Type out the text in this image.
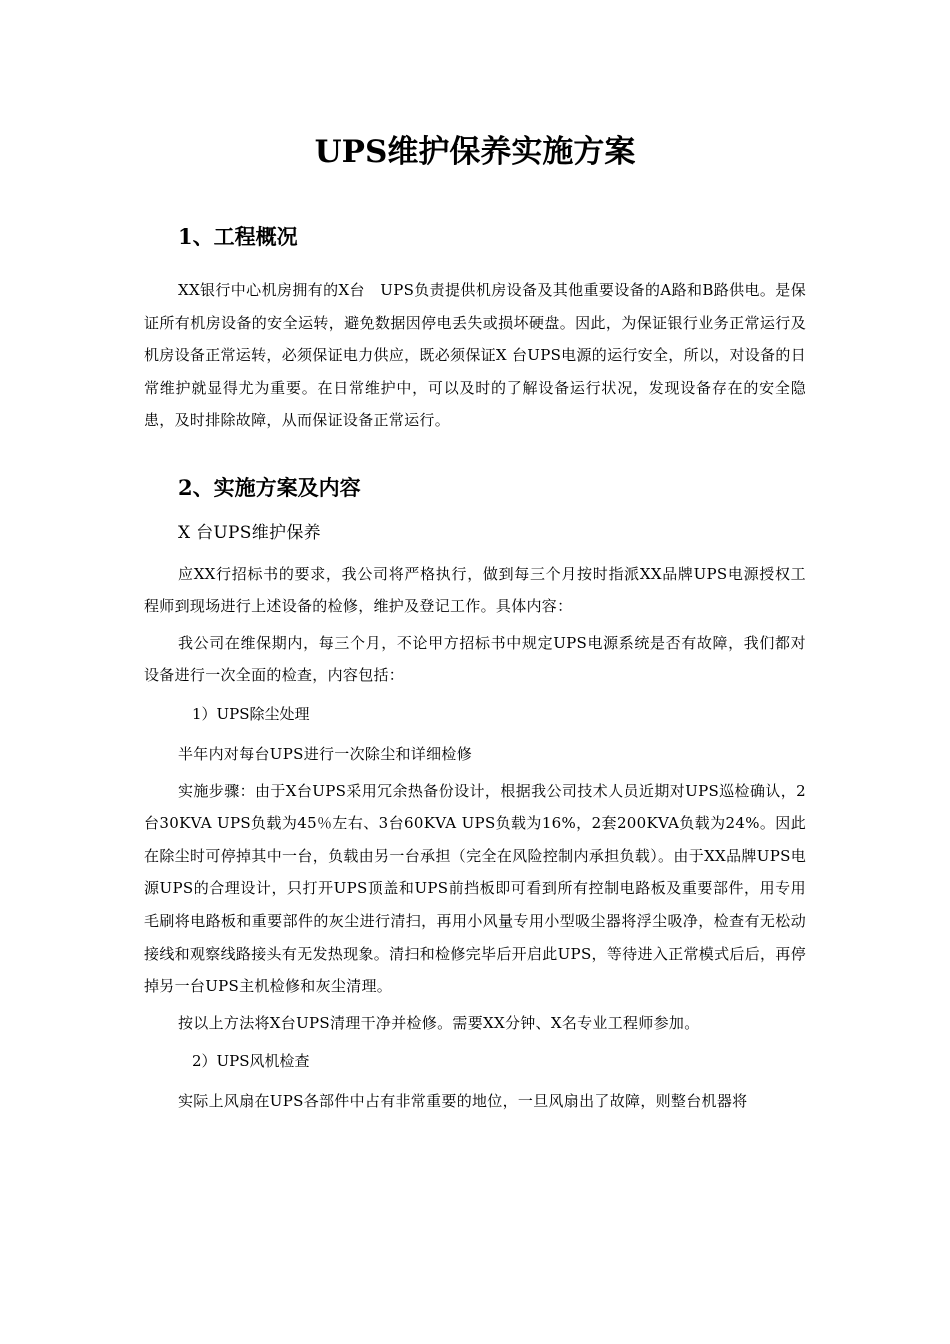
UPS维护保养实施方案
1、工程概况

XX银行中心机房拥有的X台　UPS负责提供机房设备及其他重要设备的A路和B路供电。是保证所有机房设备的安全运转，避免数据因停电丢失或损坏硬盘。因此，为保证银行业务正常运行及机房设备正常运转，必须保证电力供应，既必须保证X 台UPS电源的运行安全，所以，对设备的日常维护就显得尤为重要。在日常维护中，可以及时的了解设备运行状况，发现设备存在的安全隐患，及时排除故障，从而保证设备正常运行。

2、实施方案及内容

X 台UPS维护保养

应XX行招标书的要求，我公司将严格执行，做到每三个月按时指派XX品牌UPS电源授权工程师到现场进行上述设备的检修，维护及登记工作。具体内容：

我公司在维保期内，每三个月，不论甲方招标书中规定UPS电源系统是否有故障，我们都对设备进行一次全面的检查，内容包括：

1）UPS除尘处理

半年内对每台UPS进行一次除尘和详细检修

实施步骤：由于X台UPS采用冗余热备份设计，根据我公司技术人员近期对UPS巡检确认，2台30KVA UPS负载为45％左右、3台60KVA UPS负载为16%，2套200KVA负载为24%。因此在除尘时可停掉其中一台，负载由另一台承担（完全在风险控制内承担负载）。由于XX品牌UPS电源UPS的合理设计，只打开UPS顶盖和UPS前挡板即可看到所有控制电路板及重要部件，用专用毛刷将电路板和重要部件的灰尘进行清扫，再用小风量专用小型吸尘器将浮尘吸净，检查有无松动接线和观察线路接头有无发热现象。清扫和检修完毕后开启此UPS，等待进入正常模式后后，再停掉另一台UPS主机检修和灰尘清理。

按以上方法将X台UPS清理干净并检修。需要XX分钟、X名专业工程师参加。

2）UPS风机检查

实际上风扇在UPS各部件中占有非常重要的地位，一旦风扇出了故障，则整台机器将
